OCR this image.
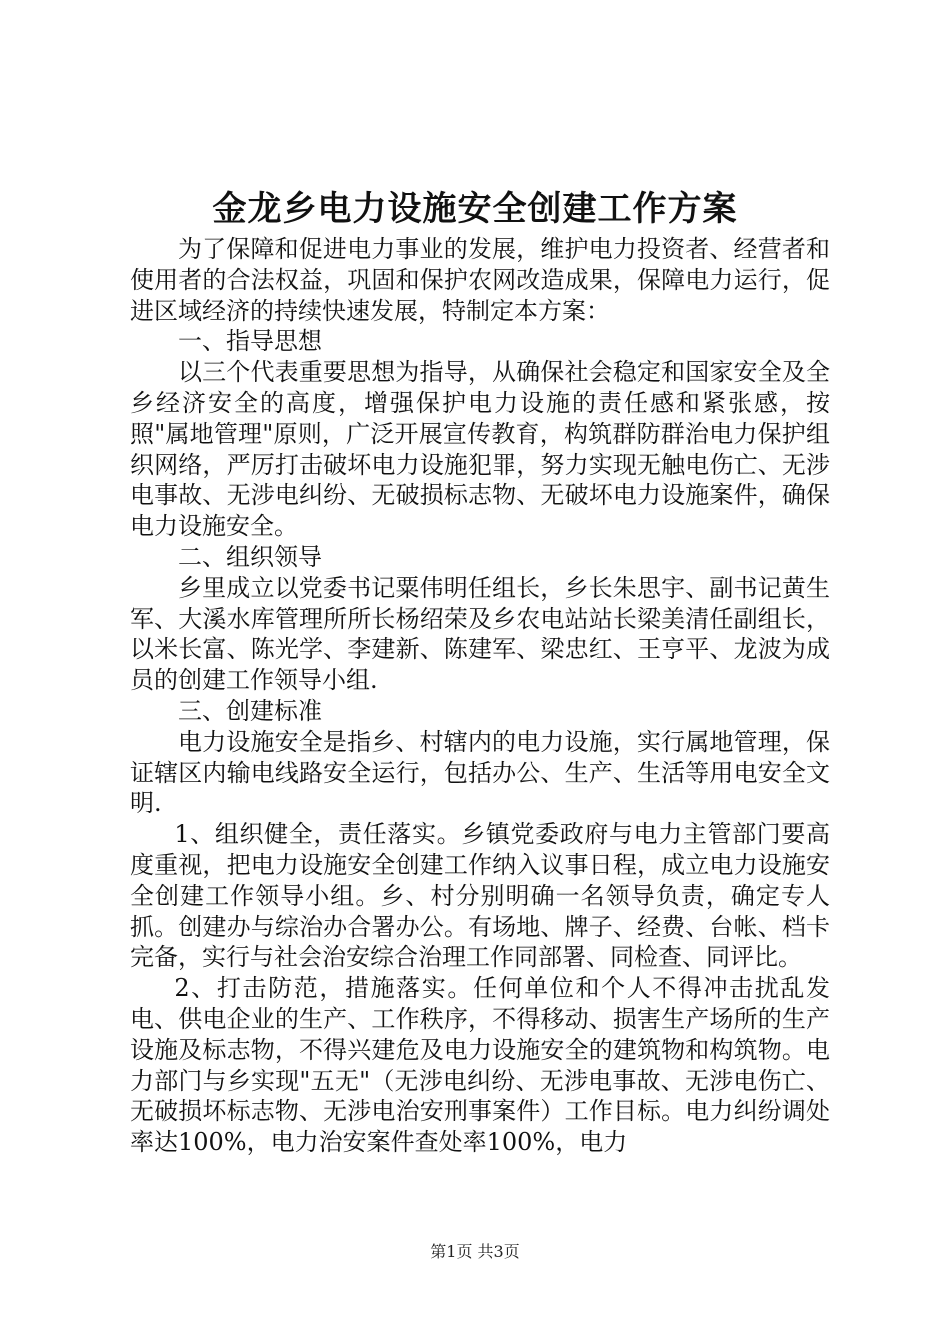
金龙乡电力设施安全创建工作方案

为了保障和促进电力事业的发展，维护电力投资者、经营者和使用者的合法权益，巩固和保护农网改造成果，保障电力运行，促进区域经济的持续快速发展，特制定本方案：

一、指导思想

以三个代表重要思想为指导，从确保社会稳定和国家安全及全乡经济安全的高度，增强保护电力设施的责任感和紧张感，按照"属地管理"原则，广泛开展宣传教育，构筑群防群治电力保护组织网络，严厉打击破坏电力设施犯罪，努力实现无触电伤亡、无涉电事故、无涉电纠纷、无破损标志物、无破坏电力设施案件，确保电力设施安全。

二、组织领导

乡里成立以党委书记粟伟明任组长，乡长朱思宇、副书记黄生军、大溪水库管理所所长杨绍荣及乡农电站站长梁美清任副组长，以米长富、陈光学、李建新、陈建军、梁忠红、王亨平、龙波为成员的创建工作领导小组.

三、创建标准

电力设施安全是指乡、村辖内的电力设施，实行属地管理，保证辖区内输电线路安全运行，包括办公、生产、生活等用电安全文明.

1、组织健全，责任落实。乡镇党委政府与电力主管部门要高度重视，把电力设施安全创建工作纳入议事日程，成立电力设施安全创建工作领导小组。乡、村分别明确一名领导负责，确定专人抓。创建办与综治办合署办公。有场地、牌子、经费、台帐、档卡完备，实行与社会治安综合治理工作同部署、同检查、同评比。

2、打击防范，措施落实。任何单位和个人不得冲击扰乱发电、供电企业的生产、工作秩序，不得移动、损害生产场所的生产设施及标志物，不得兴建危及电力设施安全的建筑物和构筑物。电力部门与乡实现"五无"（无涉电纠纷、无涉电事故、无涉电伤亡、无破损坏标志物、无涉电治安刑事案件）工作目标。电力纠纷调处率达100%，电力治安案件查处率100%，电力

第1页 共3页
